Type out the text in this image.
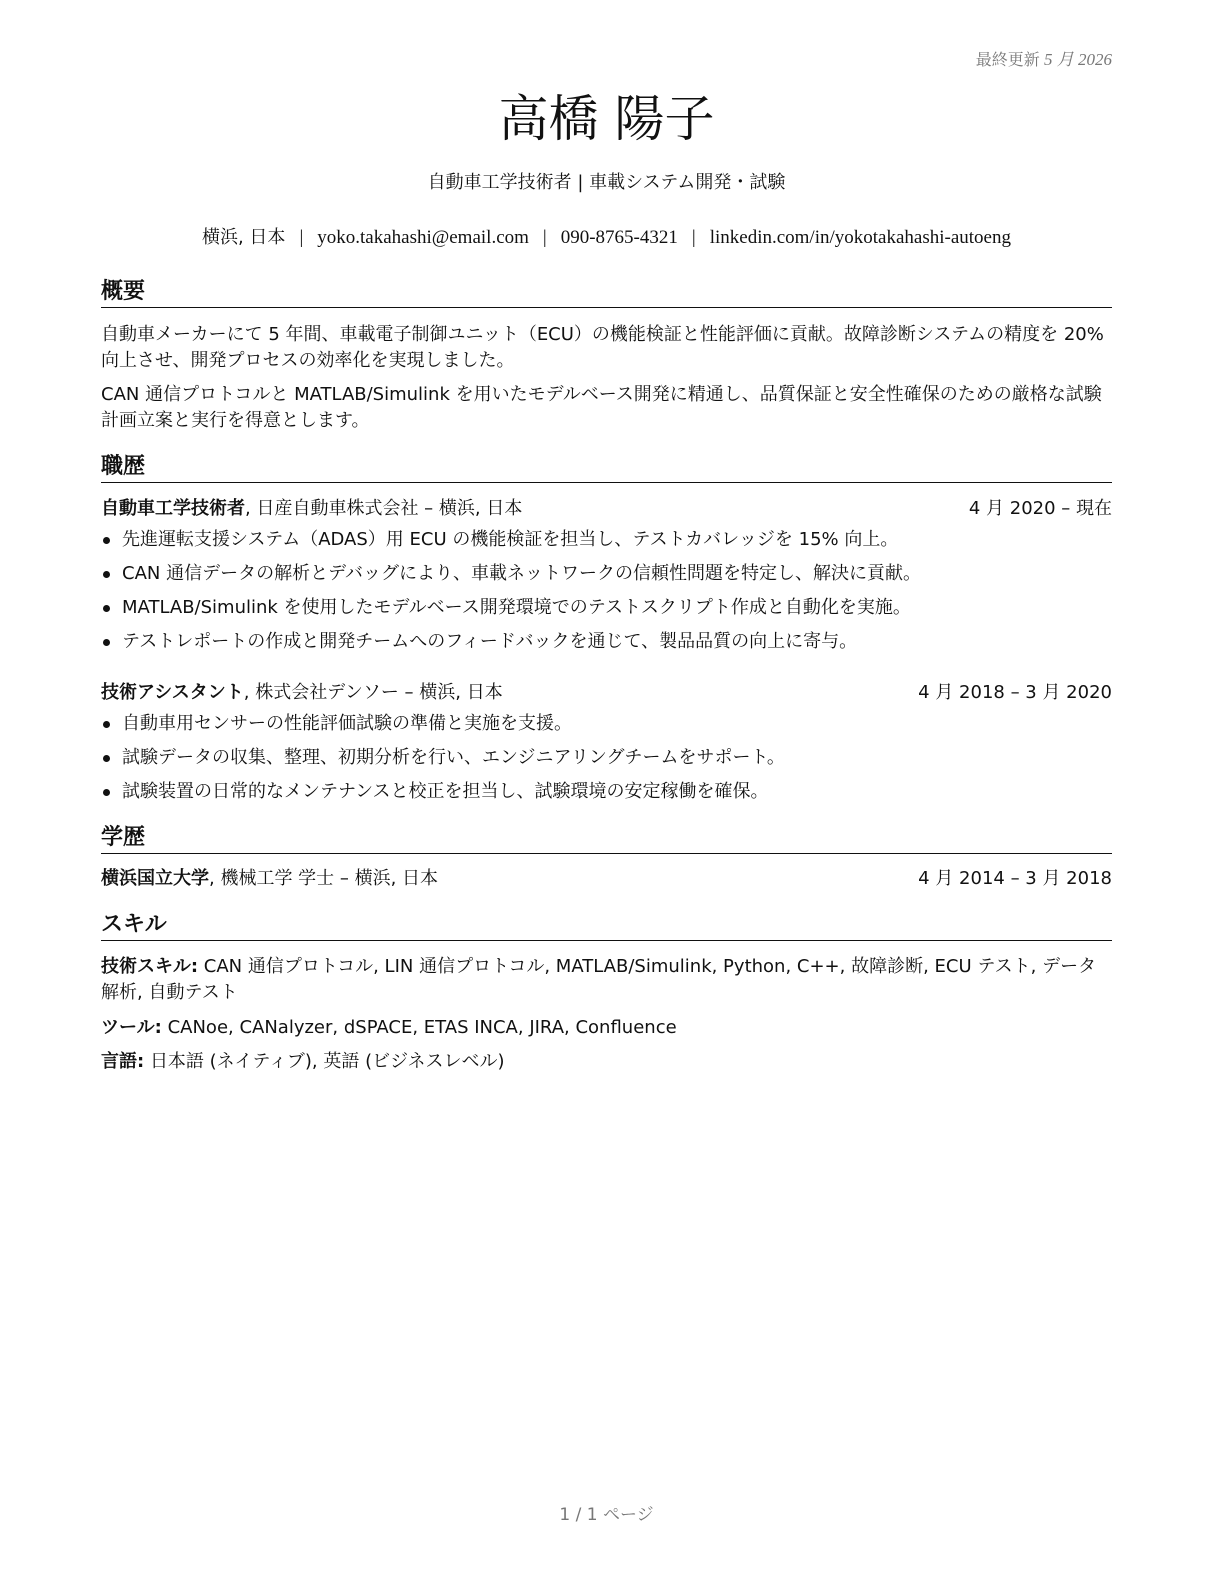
最終更新 5 月 2026
高橋 陽子
自動車工学技術者 | 車載システム開発・試験
横浜, 日本 | yoko.takahashi@email.com | 090-8765-4321 | linkedin.com/in/yokotakahashi-autoeng
概要

自動車メーカーにて 5 年間、車載電子制御ユニット（ECU）の機能検証と性能評価に貢献。故障診断システムの精度を 20% 向上させ、開発プロセスの効率化を実現しました。

CAN 通信プロトコルと MATLAB/Simulink を用いたモデルベース開発に精通し、品質保証と安全性確保のための厳格な試験計画立案と実行を得意とします。

職歴
自動車工学技術者, 日産自動車株式会社 – 横浜, 日本	4 月 2020 – 現在
先進運転支援システム（ADAS）用 ECU の機能検証を担当し、テストカバレッジを 15% 向上。
CAN 通信データの解析とデバッグにより、車載ネットワークの信頼性問題を特定し、解決に貢献。
MATLAB/Simulink を使用したモデルベース開発環境でのテストスクリプト作成と自動化を実施。
テストレポートの作成と開発チームへのフィードバックを通じて、製品品質の向上に寄与。
技術アシスタント, 株式会社デンソー – 横浜, 日本	4 月 2018 – 3 月 2020
自動車用センサーの性能評価試験の準備と実施を支援。
試験データの収集、整理、初期分析を行い、エンジニアリングチームをサポート。
試験装置の日常的なメンテナンスと校正を担当し、試験環境の安定稼働を確保。
学歴
横浜国立大学, 機械工学 学士 – 横浜, 日本	4 月 2014 – 3 月 2018
スキル

技術スキル: CAN 通信プロトコル, LIN 通信プロトコル, MATLAB/Simulink, Python, C++, 故障診断, ECU テスト, データ解析, 自動テスト

ツール: CANoe, CANalyzer, dSPACE, ETAS INCA, JIRA, Confluence

言語: 日本語 (ネイティブ), 英語 (ビジネスレベル)

1 / 1 ページ
